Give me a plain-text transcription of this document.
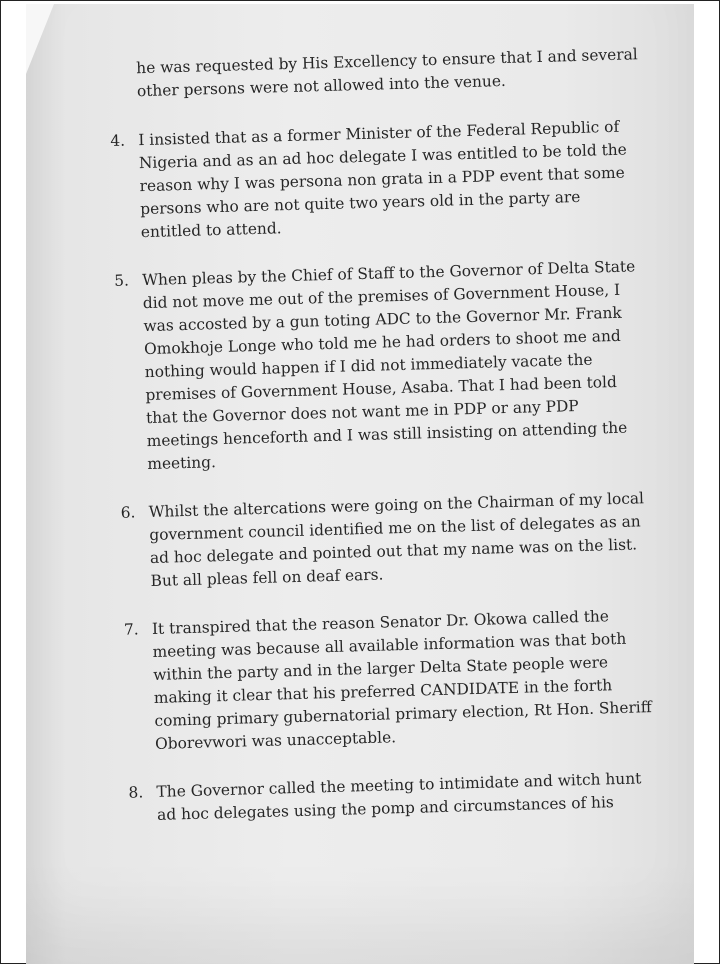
he was requested by His Excellency to ensure that I and several
other persons were not allowed into the venue.
4. I insisted that as a former Minister of the Federal Republic of
Nigeria and as an ad hoc delegate I was entitled to be told the
reason why I was persona non grata in a PDP event that some
persons who are not quite two years old in the party are
entitled to attend.
5. When pleas by the Chief of Staff to the Governor of Delta State
did not move me out of the premises of Government House, I
was accosted by a gun toting ADC to the Governor Mr. Frank
Omokhoje Longe who told me he had orders to shoot me and
nothing would happen if I did not immediately vacate the
premises of Government House, Asaba. That I had been told
that the Governor does not want me in PDP or any PDP
meetings henceforth and I was still insisting on attending the
meeting.
6. Whilst the altercations were going on the Chairman of my local
government council identified me on the list of delegates as an
ad hoc delegate and pointed out that my name was on the list.
But all pleas fell on deaf ears.
7. It transpired that the reason Senator Dr. Okowa called the
meeting was because all available information was that both
within the party and in the larger Delta State people were
making it clear that his preferred CANDIDATE in the forth
coming primary gubernatorial primary election, Rt Hon. Sheriff
Oborevwori was unacceptable.
8. The Governor called the meeting to intimidate and witch hunt
ad hoc delegates using the pomp and circumstances of his
